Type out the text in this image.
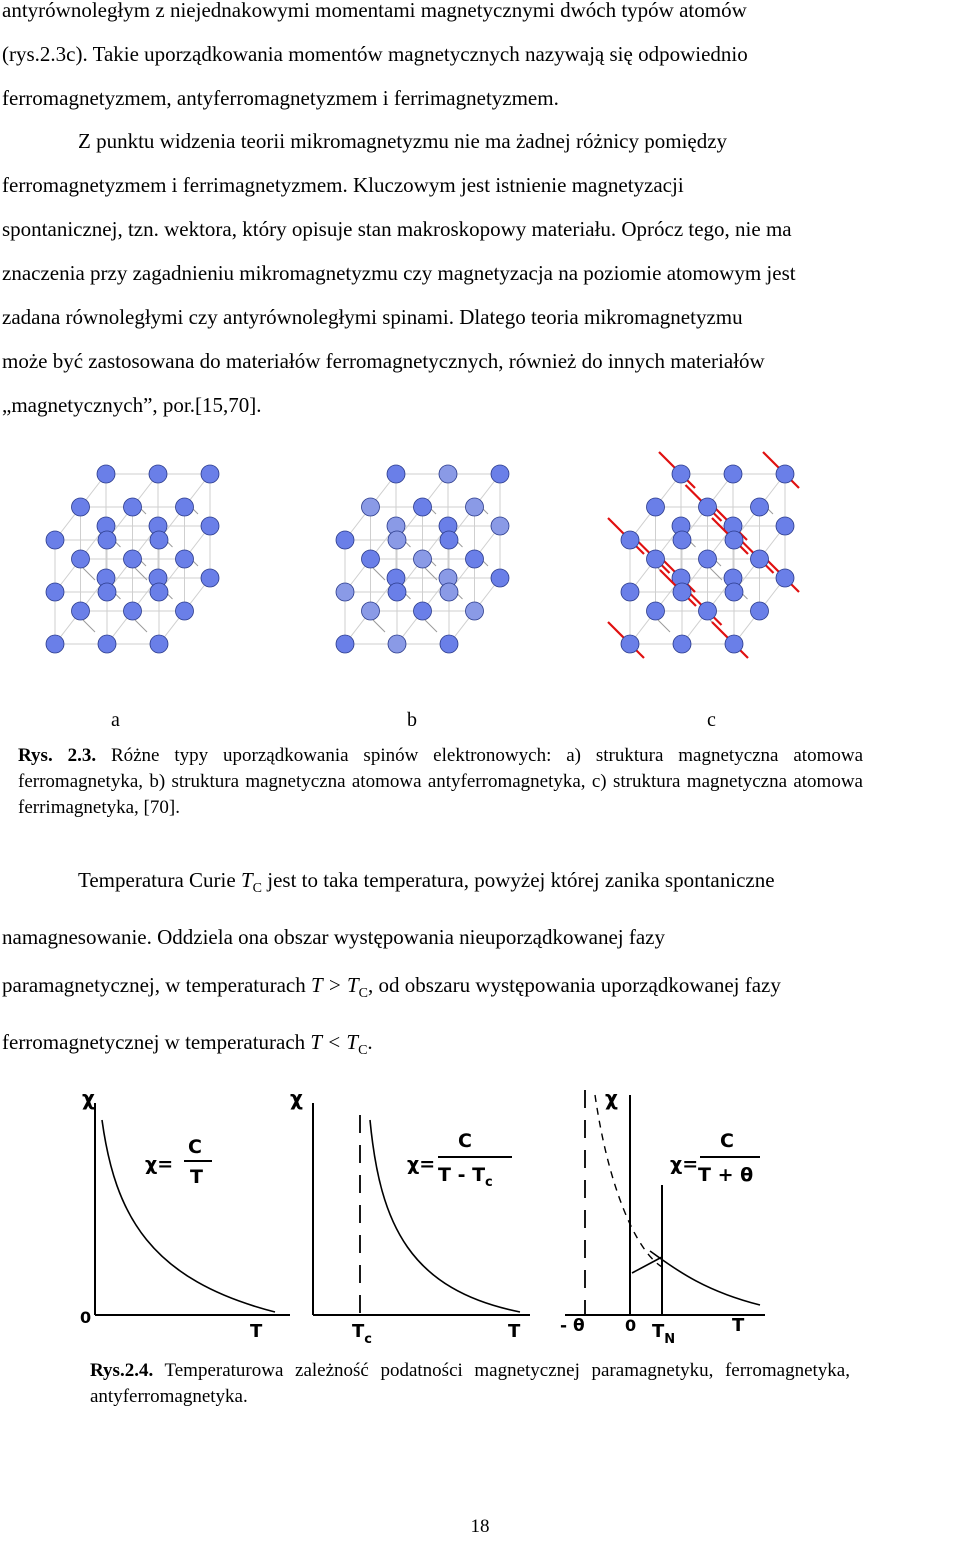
antyrównoległym z niejednakowymi momentami magnetycznymi dwóch typów atomów
(rys.2.3c). Takie uporządkowania momentów magnetycznych nazywają się odpowiednio
ferromagnetyzmem, antyferromagnetyzmem i ferrimagnetyzmem.
Z punktu widzenia teorii mikromagnetyzmu nie ma żadnej różnicy pomiędzy
ferromagnetyzmem i ferrimagnetyzmem. Kluczowym jest istnienie magnetyzacji
spontanicznej, tzn. wektora, który opisuje stan makroskopowy materiału. Oprócz tego, nie ma
znaczenia przy zagadnieniu mikromagnetyzmu czy magnetyzacja na poziomie atomowym jest
zadana równoległymi czy antyrównoległymi spinami. Dlatego teoria mikromagnetyzmu
może być zastosowana do materiałów ferromagnetycznych, również do innych materiałów
„magnetycznych”, por.[15,70].
a	b	c
Rys. 2.3. Różne typy uporządkowania spinów elektronowych: a) struktura magnetyczna atomowa ferromagnetyka, b) struktura magnetyczna atomowa antyferromagnetyka, c) struktura magnetyczna atomowa ferrimagnetyka, [70].
Temperatura Curie $T_C$ jest to taka temperatura, powyżej której zanika spontaniczne
namagnesowanie. Oddziela ona obszar występowania nieuporządkowanej fazy
paramagnetycznej, w temperaturach $T > T_C$, od obszaru występowania uporządkowanej fazy
ferromagnetycznej w temperaturach $T < T_C$.
χ
χ=
C
T
0
T
χ
χ=
C
T - $T_c$
$T_c$	T
χ
χ=
C
T + θ
- θ	0 $T_N$
T
Rys.2.4. Temperaturowa zależność podatności magnetycznej paramagnetyku, ferromagnetyka, antyferromagnetyka.
18
